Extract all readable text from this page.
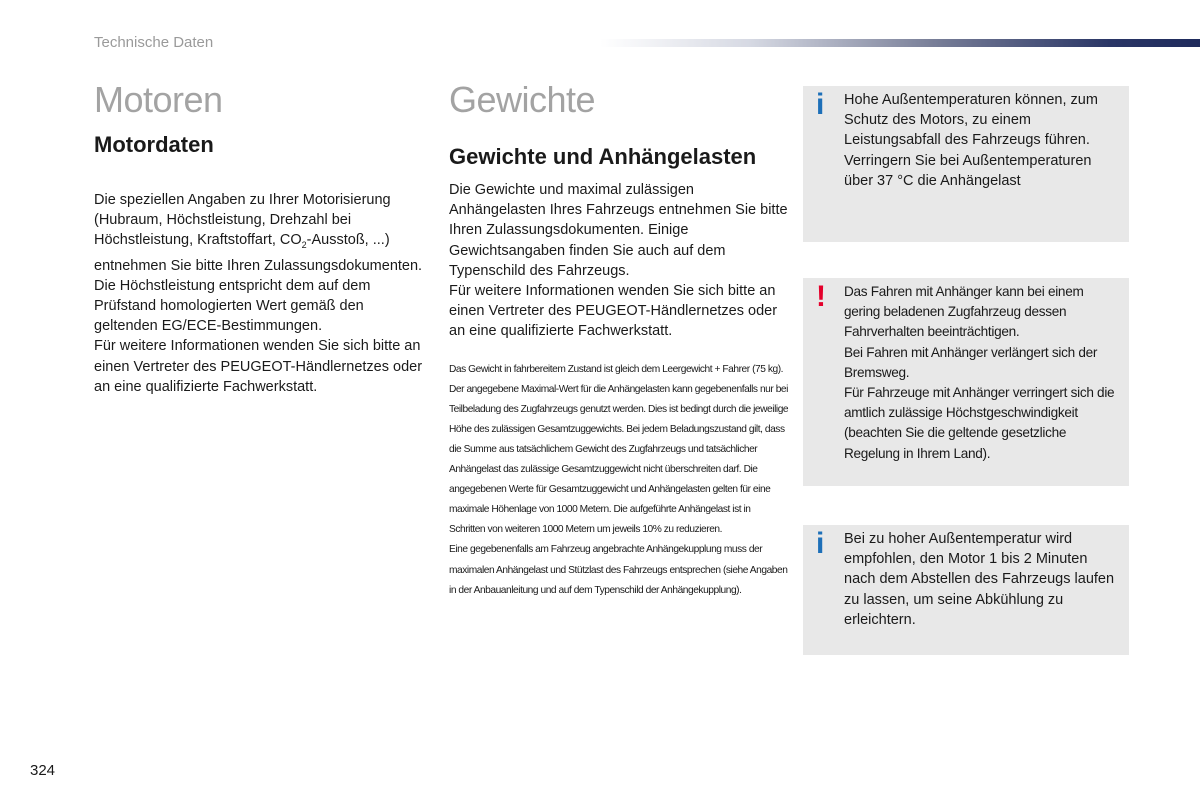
Technische Daten
Motoren
Motordaten

Die speziellen Angaben zu Ihrer Motorisierung (Hubraum, Höchstleistung, Drehzahl bei Höchstleistung, Kraftstoffart, $CO_2$-Ausstoß, ...) entnehmen Sie bitte Ihren Zulassungsdokumenten.

Die Höchstleistung entspricht dem auf dem Prüfstand homologierten Wert gemäß den geltenden EG/ECE-Bestimmungen.

Für weitere Informationen wenden Sie sich bitte an einen Vertreter des PEUGEOT-Händlernetzes oder an eine qualifizierte Fachwerkstatt.

Gewichte
Gewichte und Anhängelasten

Die Gewichte und maximal zulässigen Anhängelasten Ihres Fahrzeugs entnehmen Sie bitte Ihren Zulassungsdokumenten. Einige Gewichtsangaben finden Sie auch auf dem Typenschild des Fahrzeugs.

Für weitere Informationen wenden Sie sich bitte an einen Vertreter des PEUGEOT-Händlernetzes oder an eine qualifizierte Fachwerkstatt.

Das Gewicht in fahrbereitem Zustand ist gleich dem Leergewicht + Fahrer (75 kg).

Der angegebene Maximal-Wert für die Anhängelasten kann gegebenenfalls nur bei Teilbeladung des Zugfahrzeugs genutzt werden. Dies ist bedingt durch die jeweilige Höhe des zulässigen Gesamtzuggewichts. Bei jedem Beladungszustand gilt, dass die Summe aus tatsächlichem Gewicht des Zugfahrzeugs und tatsächlicher Anhängelast das zulässige Gesamtzuggewicht nicht überschreiten darf. Die angegebenen Werte für Gesamtzuggewicht und Anhängelasten gelten für eine maximale Höhenlage von 1000 Metern. Die aufgeführte Anhängelast ist in Schritten von weiteren 1000 Metern um jeweils 10% zu reduzieren.

Eine gegebenenfalls am Fahrzeug angebrachte Anhängekupplung muss der maximalen Anhängelast und Stützlast des Fahrzeugs entsprechen (siehe Angaben in der Anbauanleitung und auf dem Typenschild der Anhängekupplung).

i Hohe Außentemperaturen können, zum Schutz des Motors, zu einem Leistungsabfall des Fahrzeugs führen. Verringern Sie bei Außentemperaturen über 37 °C die Anhängelast
! Das Fahren mit Anhänger kann bei einem gering beladenen Zugfahrzeug dessen Fahrverhalten beeinträchtigen.
Bei Fahren mit Anhänger verlängert sich der Bremsweg.
Für Fahrzeuge mit Anhänger verringert sich die amtlich zulässige Höchstgeschwindigkeit (beachten Sie die geltende gesetzliche Regelung in Ihrem Land).
i Bei zu hoher Außentemperatur wird empfohlen, den Motor 1 bis 2 Minuten nach dem Abstellen des Fahrzeugs laufen zu lassen, um seine Abkühlung zu erleichtern.
324
